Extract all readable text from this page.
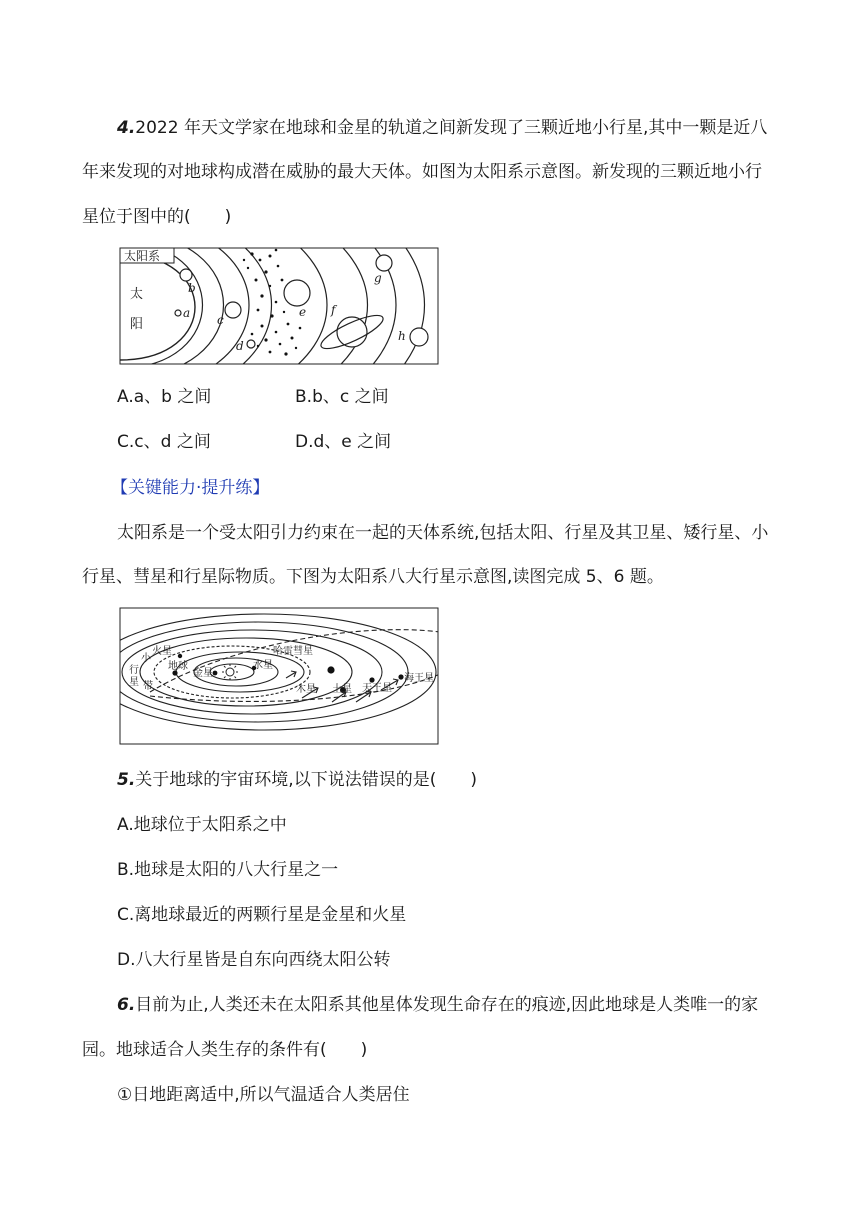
4.2022 年天文学家在地球和金星的轨道之间新发现了三颗近地小行星,其中一颗是近八
年来发现的对地球构成潜在威胁的最大天体。如图为太阳系示意图。新发现的三颗近地小行
星位于图中的(　　)
太阳系
太
阳
a
b
c
d
e f
g
h
A.a、b 之间	B.b、c 之间
C.c、d 之间	D.d、e 之间
【关键能力·提升练】
太阳系是一个受太阳引力约束在一起的天体系统,包括太阳、行星及其卫星、矮行星、小
行星、彗星和行星际物质。下图为太阳系八大行星示意图,读图完成 5、6 题。
小
行
星 带
火星
地球
金星
水星
哈雷彗星
木星 土星 天王星
海王星
5.关于地球的宇宙环境,以下说法错误的是(　　)
A.地球位于太阳系之中
B.地球是太阳的八大行星之一
C.离地球最近的两颗行星是金星和火星
D.八大行星皆是自东向西绕太阳公转
6.目前为止,人类还未在太阳系其他星体发现生命存在的痕迹,因此地球是人类唯一的家
园。地球适合人类生存的条件有(　　)
①日地距离适中,所以气温适合人类居住
